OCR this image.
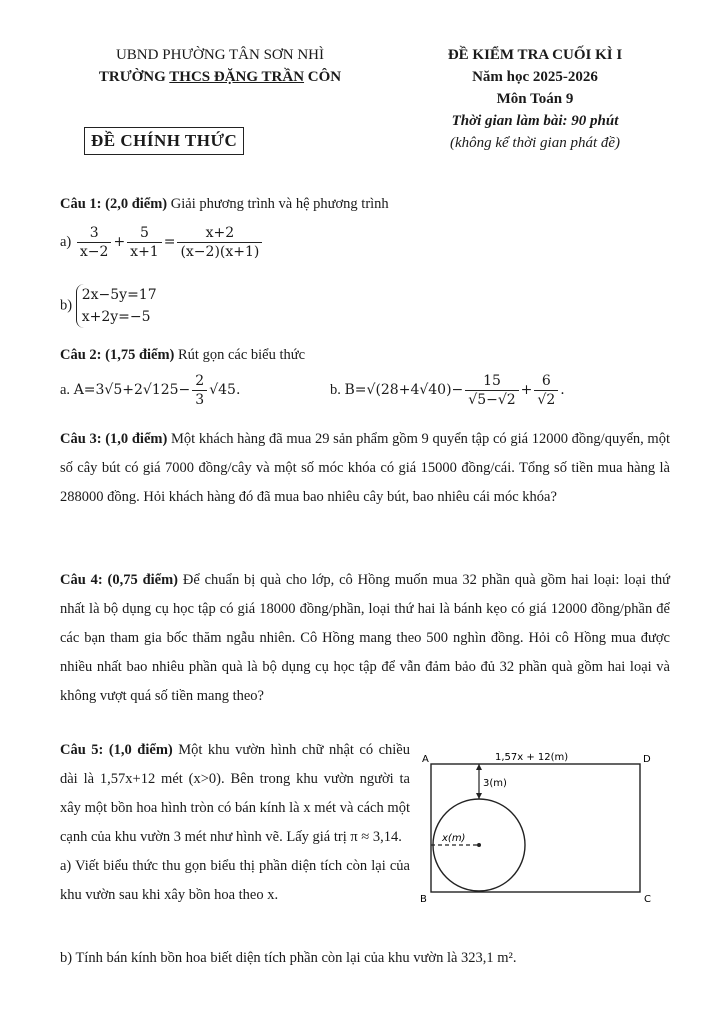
UBND PHƯỜNG TÂN SƠN NHÌ
TRƯỜNG THCS ĐẶNG TRẦN CÔN
ĐỀ KIỂM TRA CUỐI KÌ I
Năm học 2025-2026
Môn Toán 9
Thời gian làm bài: 90 phút
(không kể thời gian phát đề)
ĐỀ CHÍNH THỨC
Câu 1: (2,0 điểm) Giải phương trình và hệ phương trình
$a) \frac{3}{x-2} + \frac{5}{x+1} = \frac{x+2}{(x-2)(x+1)}$
b) 2x−5y=17
x+2y=−5
Câu 2: (1,75 điểm) Rút gọn các biểu thức
a. $A=3√5+2√125- \frac{2}{3} √45$.	b. $B=√(28+4√40)- \frac{15}{√5-√2} + \frac{6}{√2}$ .
Câu 3: (1,0 điểm) Một khách hàng đã mua 29 sản phẩm gồm 9 quyển tập có giá 12000 đồng/quyển, một số cây bút có giá 7000 đồng/cây và một số móc khóa có giá 15000 đồng/cái. Tổng số tiền mua hàng là 288000 đồng. Hỏi khách hàng đó đã mua bao nhiêu cây bút, bao nhiêu cái móc khóa?
Câu 4: (0,75 điểm) Để chuẩn bị quà cho lớp, cô Hồng muốn mua 32 phần quà gồm hai loại: loại thứ nhất là bộ dụng cụ học tập có giá 18000 đồng/phần, loại thứ hai là bánh kẹo có giá 12000 đồng/phần để các bạn tham gia bốc thăm ngẫu nhiên. Cô Hồng mang theo 500 nghìn đồng. Hỏi cô Hồng mua được nhiều nhất bao nhiêu phần quà là bộ dụng cụ học tập để vẫn đảm bảo đủ 32 phần quà gồm hai loại và không vượt quá số tiền mang theo?
Câu 5: (1,0 điểm) Một khu vườn hình chữ nhật có chiều dài là 1,57x+12 mét (x>0). Bên trong khu vườn người ta xây một bồn hoa hình tròn có bán kính là x mét và cách một cạnh của khu vườn 3 mét như hình vẽ. Lấy giá trị π ≈ 3,14.
a) Viết biểu thức thu gọn biểu thị phần diện tích còn lại của khu vườn sau khi xây bồn hoa theo x.
b) Tính bán kính bồn hoa biết diện tích phần còn lại của khu vườn là 323,1 m².
A	D
B	C
1,57x + 12(m)
3(m)
x(m)
